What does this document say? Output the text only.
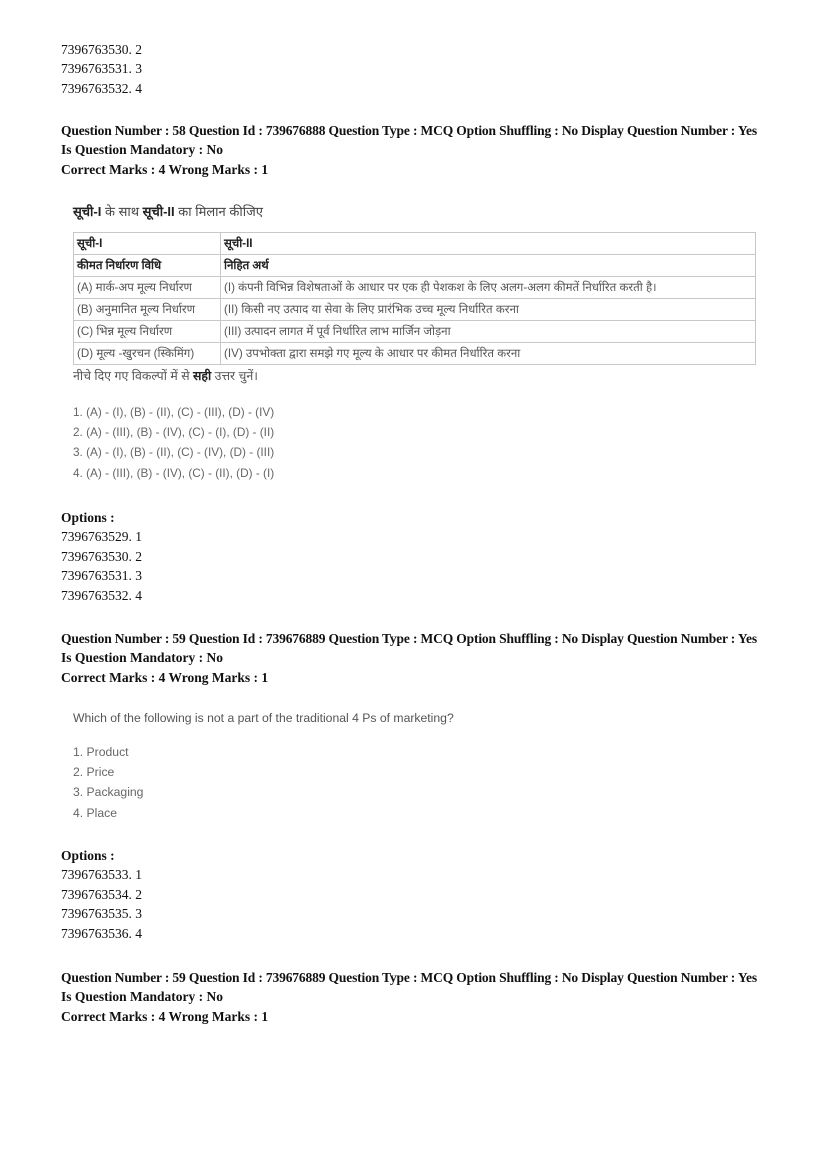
7396763530. 2
7396763531. 3
7396763532. 4
Question Number : 58 Question Id : 739676888 Question Type : MCQ Option Shuffling : No Display Question Number : Yes
Is Question Mandatory : No
Correct Marks : 4 Wrong Marks : 1
सूची-I के साथ सूची-II का मिलान कीजिए
सूची-I	सूची-II
कीमत निर्धारण विधि	निहित अर्थ
(A) मार्क-अप मूल्य निर्धारण	(I) कंपनी विभिन्न विशेषताओं के आधार पर एक ही पेशकश के लिए अलग-अलग कीमतें निर्धारित करती है।
(B) अनुमानित मूल्य निर्धारण	(II) किसी नए उत्पाद या सेवा के लिए प्रारंभिक उच्च मूल्य निर्धारित करना
(C) भिन्न मूल्य निर्धारण	(III) उत्पादन लागत में पूर्व निर्धारित लाभ मार्जिन जोड़ना
(D) मूल्य -खुरचन (स्किमिंग)	(IV) उपभोक्ता द्वारा समझे गए मूल्य के आधार पर कीमत निर्धारित करना
नीचे दिए गए विकल्पों में से सही उत्तर चुनें।
1. (A) - (I), (B) - (II), (C) - (III), (D) - (IV)
2. (A) - (III), (B) - (IV), (C) - (I), (D) - (II)
3. (A) - (I), (B) - (II), (C) - (IV), (D) - (III)
4. (A) - (III), (B) - (IV), (C) - (II), (D) - (I)
Options :
7396763529. 1
7396763530. 2
7396763531. 3
7396763532. 4
Question Number : 59 Question Id : 739676889 Question Type : MCQ Option Shuffling : No Display Question Number : Yes
Is Question Mandatory : No
Correct Marks : 4 Wrong Marks : 1
Which of the following is not a part of the traditional 4 Ps of marketing?
1. Product
2. Price
3. Packaging
4. Place
Options :
7396763533. 1
7396763534. 2
7396763535. 3
7396763536. 4
Question Number : 59 Question Id : 739676889 Question Type : MCQ Option Shuffling : No Display Question Number : Yes
Is Question Mandatory : No
Correct Marks : 4 Wrong Marks : 1
